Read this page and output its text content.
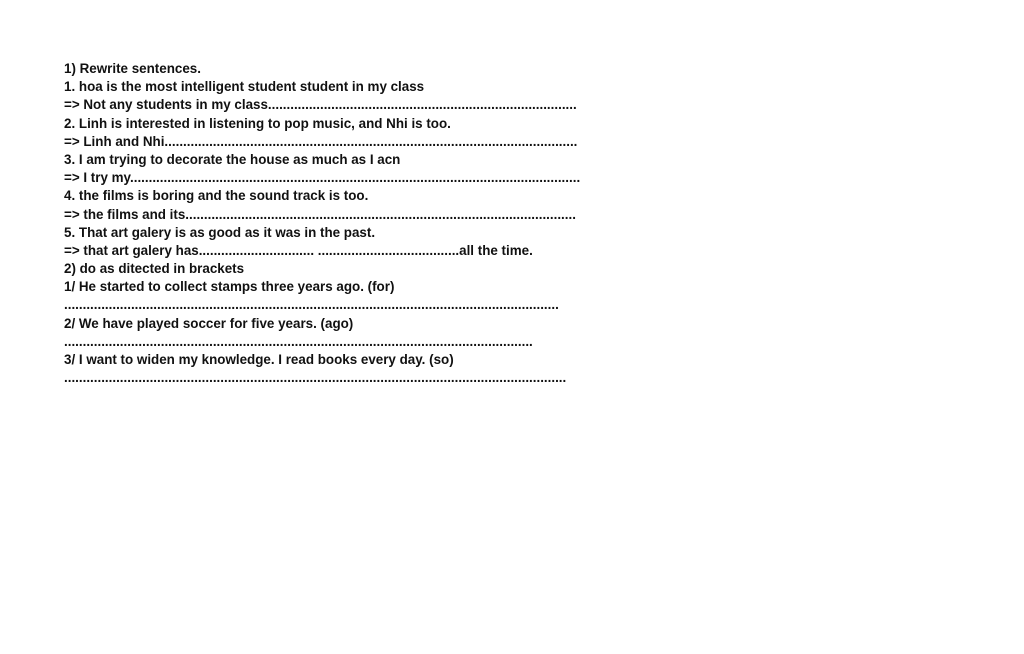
1) Rewrite sentences.
1. hoa is the most intelligent student student in my class
=> Not any students in my class...................................................................................
2. Linh is interested in listening to pop music, and Nhi is too.
=> Linh and Nhi...............................................................................................................
3. I am trying to decorate the house as much as I acn
=> I try my.........................................................................................................................
4. the films is boring and the sound track is too.
=> the films and its.........................................................................................................
5. That art galery is as good as it was in the past.
=> that art galery has............................... ......................................all the time.
2) do as ditected in brackets
1/ He started to collect stamps three years ago. (for)
.....................................................................................................................................
2/ We have played soccer for five years. (ago)
..............................................................................................................................
3/ I want to widen my knowledge. I read books every day. (so)
.......................................................................................................................................
